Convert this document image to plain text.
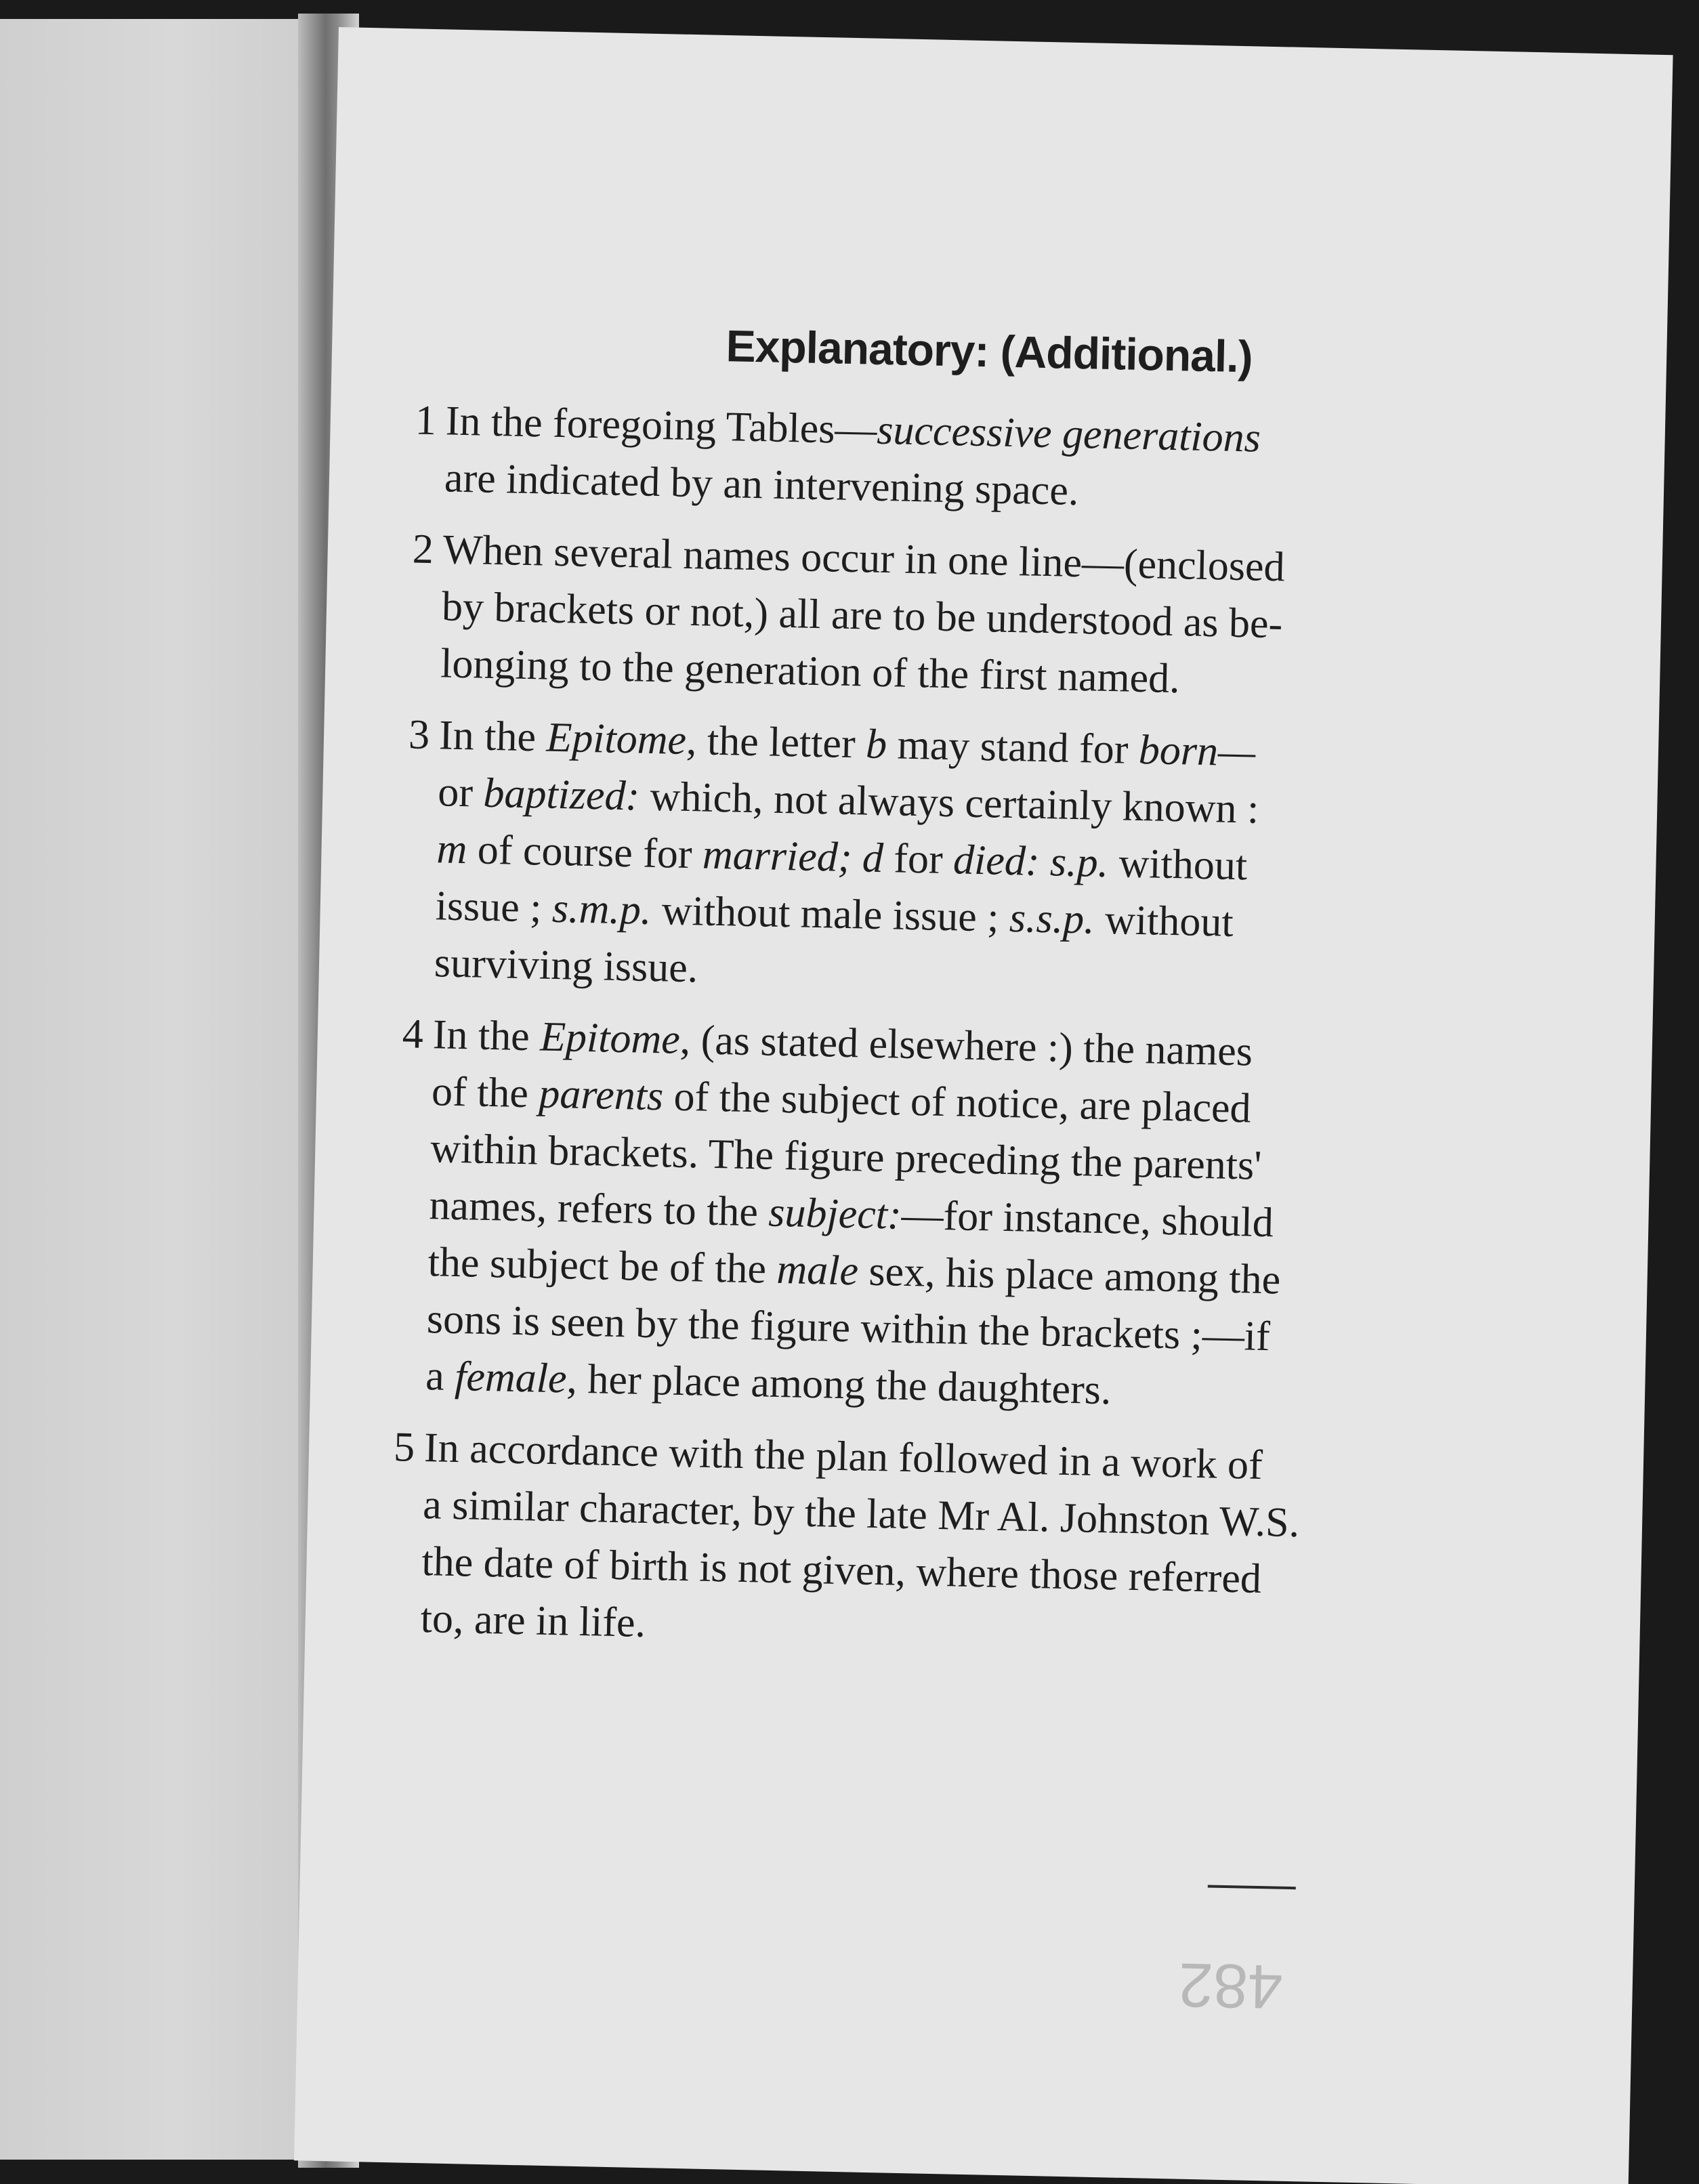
Explanatory: (Additional.)
1 In the foregoing Tables—successive generations
are indicated by an intervening space.
2 When several names occur in one line—(enclosed
by brackets or not,) all are to be understood as be-
longing to the generation of the first named.
3 In the Epitome, the letter b may stand for born—
or baptized: which, not always certainly known :
m of course for married; d for died: s.p. without
issue ; s.m.p. without male issue ; s.s.p. without
surviving issue.
4 In the Epitome, (as stated elsewhere :) the names
of the parents of the subject of notice, are placed
within brackets. The figure preceding the parents'
names, refers to the subject:—for instance, should
the subject be of the male sex, his place among the
sons is seen by the figure within the brackets ;—if
a female, her place among the daughters.
5 In accordance with the plan followed in a work of
a similar character, by the late Mr Al. Johnston W.S.
the date of birth is not given, where those referred
to, are in life.
482
